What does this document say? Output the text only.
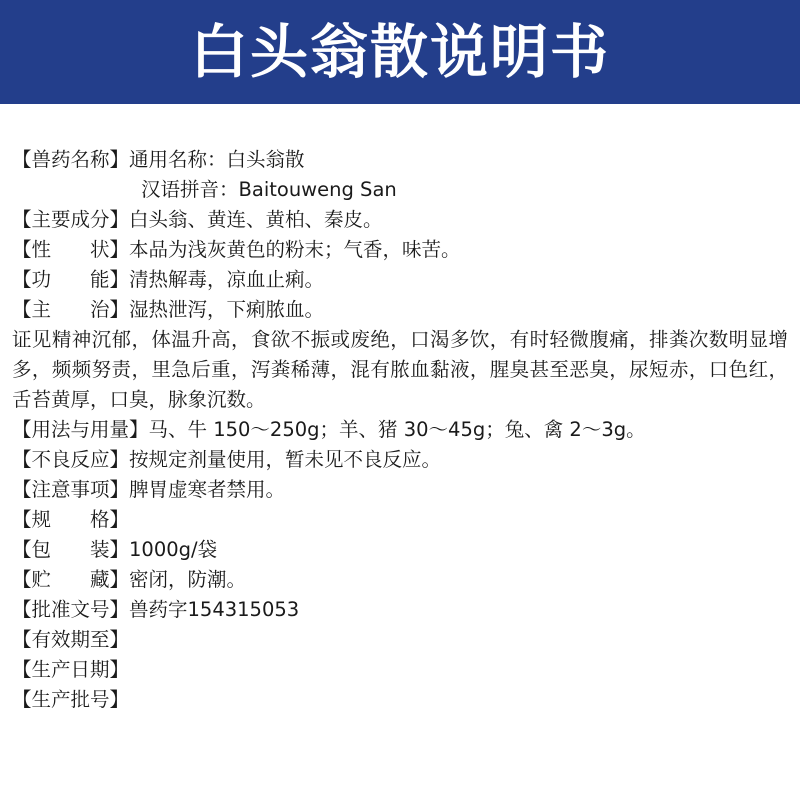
白头翁散说明书
【兽药名称】 通用名称：白头翁散
汉语拼音：Baitouweng San
【主要成分】 白头翁、黄连、黄柏、秦皮。
【性　　状】 本品为浅灰黄色的粉末；气香，味苦。
【功　　能】 清热解毒，凉血止痢。
【主　　治】 湿热泄泻，下痢脓血。
证见精神沉郁，体温升高，食欲不振或废绝，口渴多饮，有时轻微腹痛，排粪次数明显增多，频频努责，里急后重，泻粪稀薄，混有脓血黏液，腥臭甚至恶臭，尿短赤，口色红，舌苔黄厚，口臭，脉象沉数。
【用法与用量】 马、牛 150～250g；羊、猪 30～45g；兔、禽 2～3g。
【不良反应】 按规定剂量使用，暂未见不良反应。
【注意事项】 脾胃虚寒者禁用。
【规　　格】
【包　　装】 1000g/袋
【贮　　藏】 密闭，防潮。
【批准文号】 兽药字154315053
【有效期至】
【生产日期】
【生产批号】
